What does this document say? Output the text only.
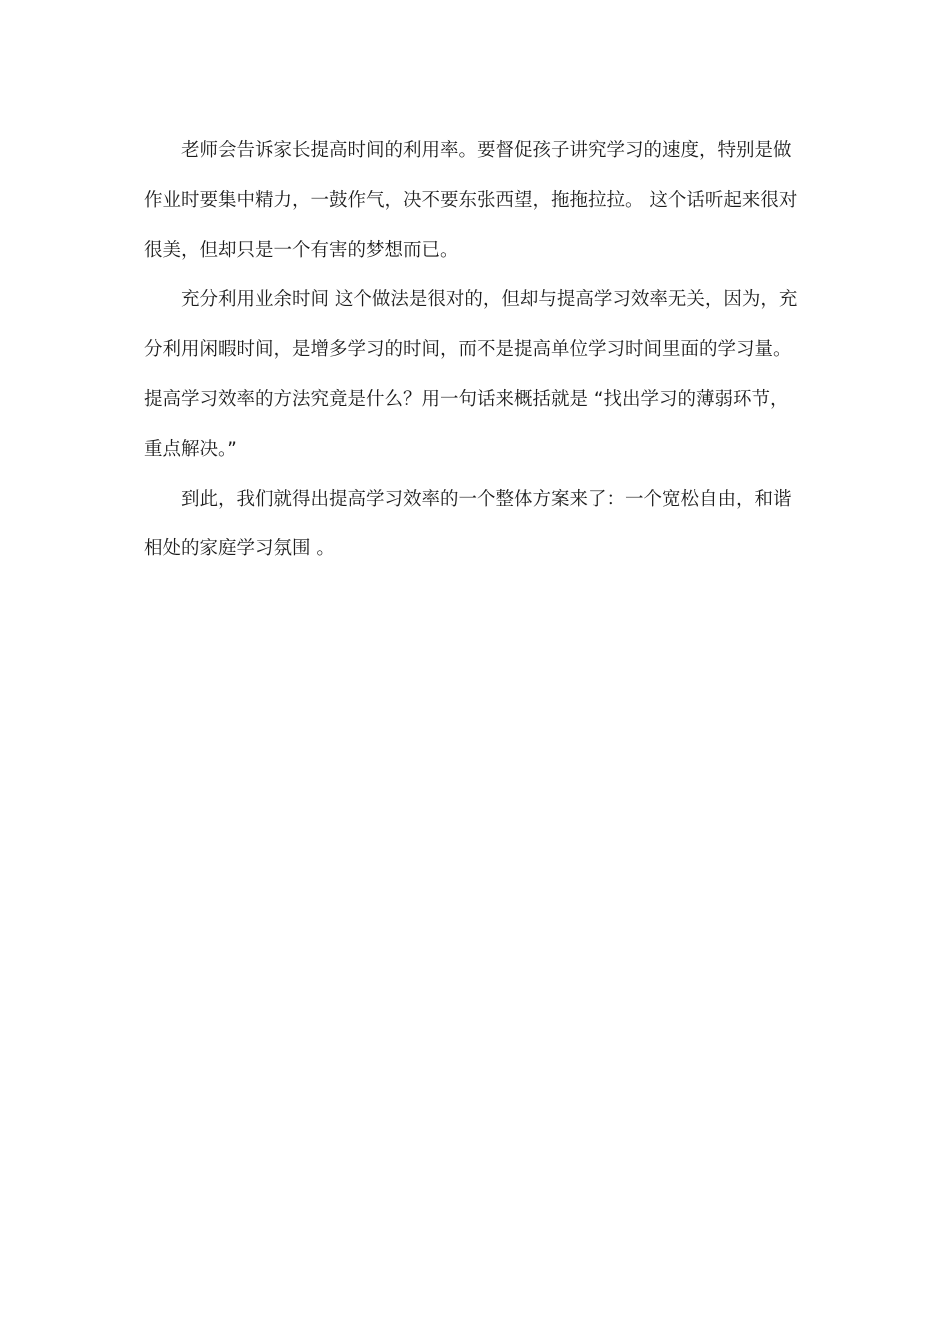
老师会告诉家长提高时间的利用率。要督促孩子讲究学习的速度，特别是做
作业时要集中精力，一鼓作气，决不要东张西望，拖拖拉拉。 这个话听起来很对
很美，但却只是一个有害的梦想而已。
充分利用业余时间 这个做法是很对的，但却与提高学习效率无关，因为，充
分利用闲暇时间，是增多学习的时间，而不是提高单位学习时间里面的学习量。
提高学习效率的方法究竟是什么？用一句话来概括就是 “找出学习的薄弱环节，
重点解决。”
到此，我们就得出提高学习效率的一个整体方案来了：一个宽松自由，和谐
相处的家庭学习氛围 。
